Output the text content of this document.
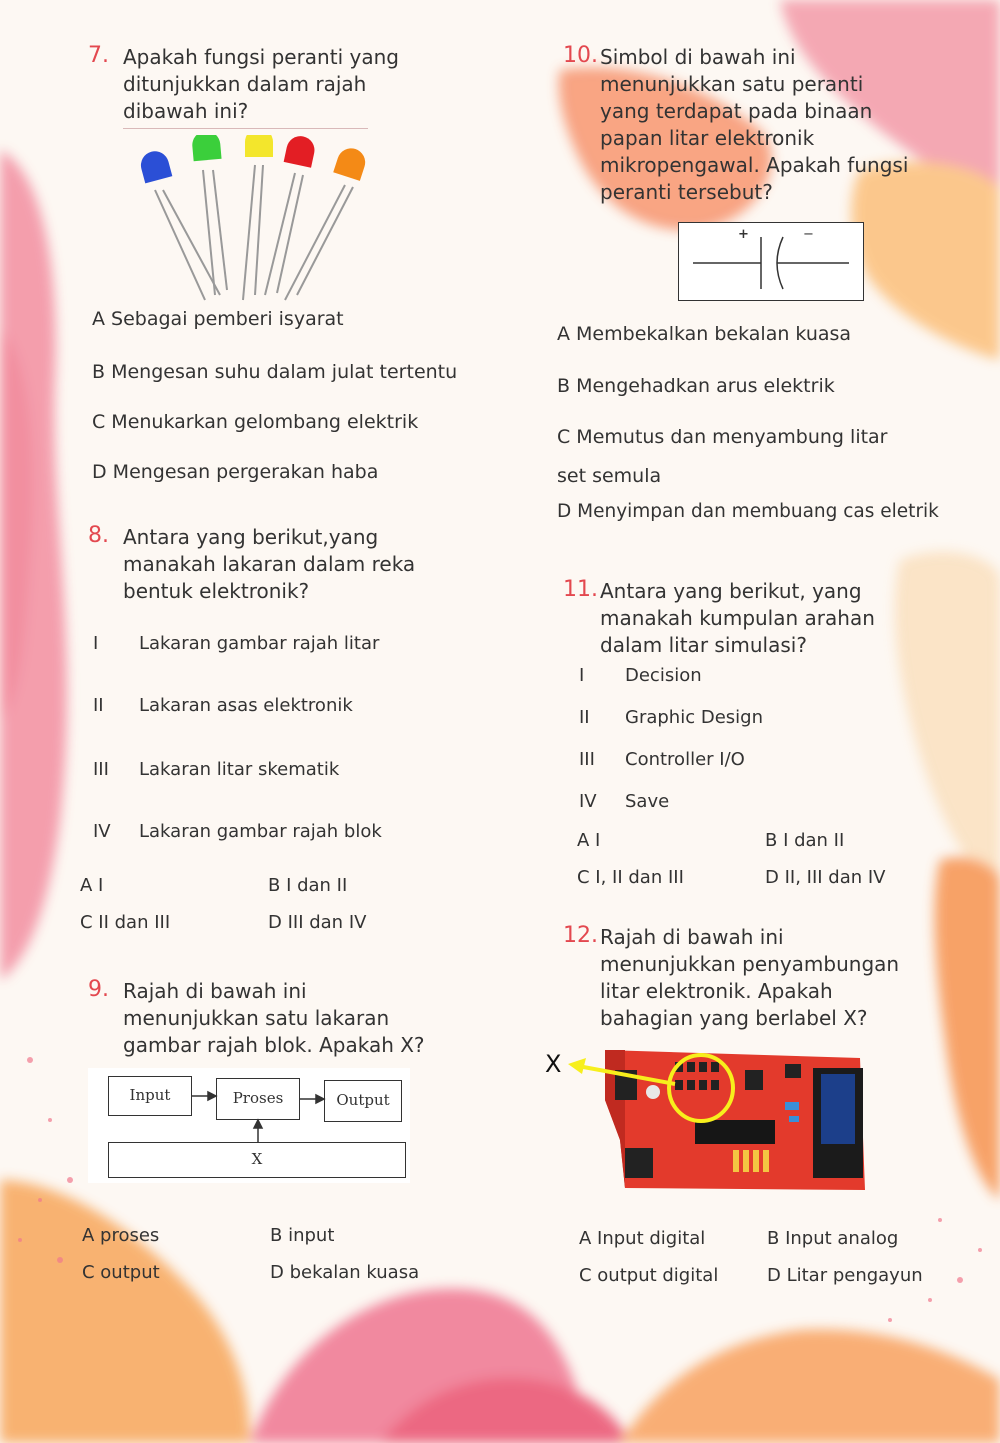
7. Apakah fungsi peranti yang
ditunjukkan dalam rajah
dibawah ini?
A Sebagai pemberi isyarat
B Mengesan suhu dalam julat tertentu
C Menukarkan gelombang elektrik
D Mengesan pergerakan haba
8. Antara yang berikut,yang
manakah lakaran dalam reka
bentuk elektronik?
I Lakaran gambar rajah litar
II Lakaran asas elektronik
III Lakaran litar skematik
IV Lakaran gambar rajah blok
A I	B I dan II
C II dan III	D III dan IV
9. Rajah di bawah ini
menunjukkan satu lakaran
gambar rajah blok. Apakah X?
Input	Proses	Output
X
A proses	B input
C output	D bekalan kuasa
10. Simbol di bawah ini
menunjukkan satu peranti
yang terdapat pada binaan
papan litar elektronik
mikropengawal. Apakah fungsi
peranti tersebut?
+	−
A Membekalkan bekalan kuasa
B Mengehadkan arus elektrik
C Memutus dan menyambung litar
set semula
D Menyimpan dan membuang cas eletrik
11. Antara yang berikut, yang
manakah kumpulan arahan
dalam litar simulasi?
I Decision
II Graphic Design
III Controller I/O
IV Save
A I	B I dan II
C I, II dan III	D II, III dan IV
12. Rajah di bawah ini
menunjukkan penyambungan
litar elektronik. Apakah
bahagian yang berlabel X?
X
A Input digital	B Input analog
C output digital	D Litar pengayun
